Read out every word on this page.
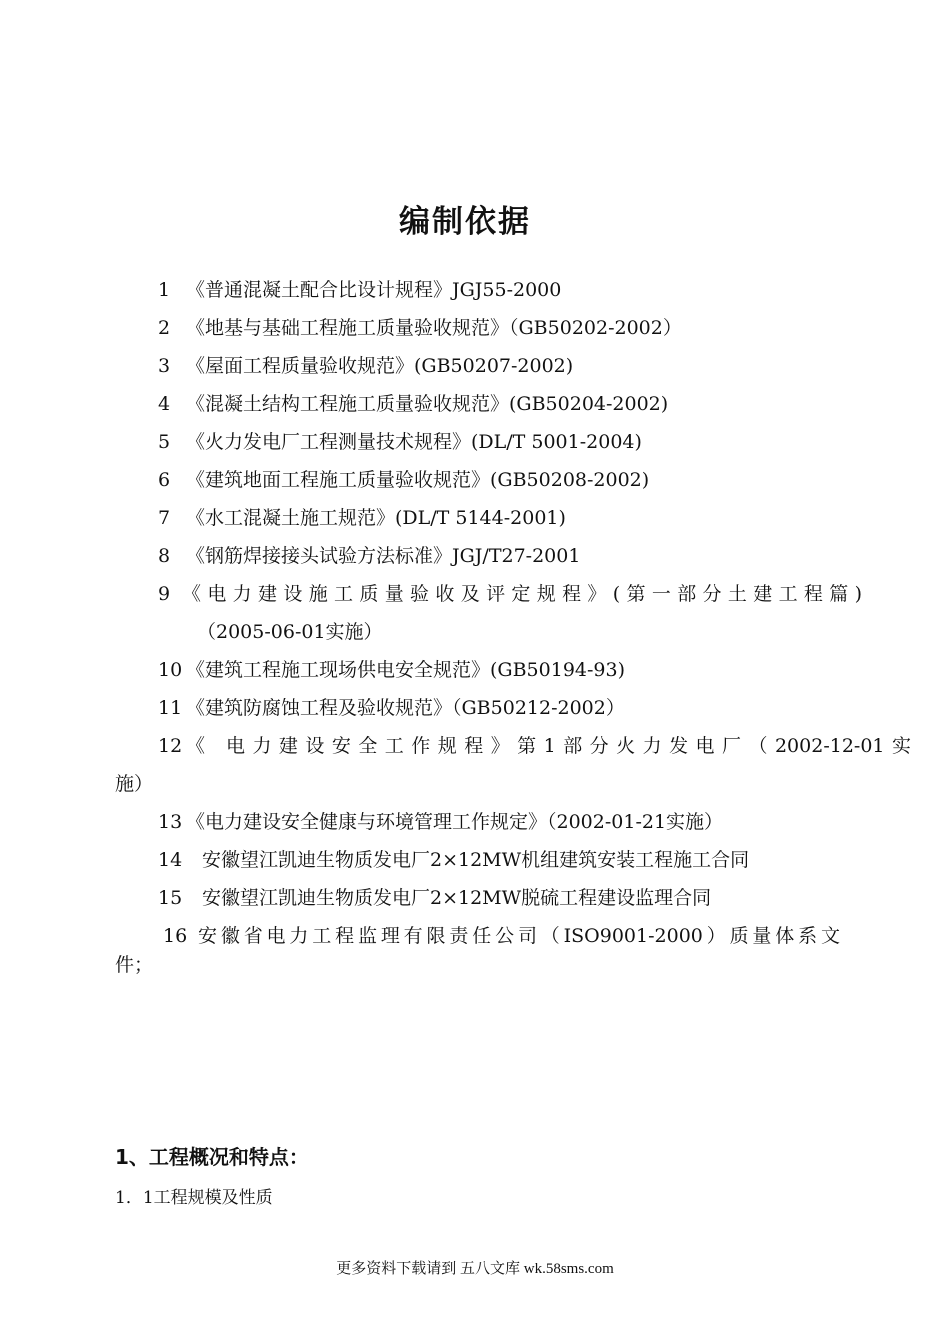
编制依据
1 《普通混凝土配合比设计规程》JGJ55-2000
2 《地基与基础工程施工质量验收规范》（GB50202-2002）
3 《屋面工程质量验收规范》(GB50207-2002)
4 《混凝土结构工程施工质量验收规范》(GB50204-2002)
5 《火力发电厂工程测量技术规程》(DL/T 5001-2004)
6 《建筑地面工程施工质量验收规范》(GB50208-2002)
7 《水工混凝土施工规范》(DL/T 5144-2001)
8 《钢筋焊接接头试验方法标准》JGJ/T27-2001
9 《电力建设施工质量验收及评定规程》(第一部分土建工程篇)
（2005-06-01实施）
10 《建筑工程施工现场供电安全规范》(GB50194-93)
11 《建筑防腐蚀工程及验收规范》（GB50212-2002）
12 《 电力建设安全工作规程》第1部分火力发电厂（2002-12-01实
施）
13 《电力建设安全健康与环境管理工作规定》（2002-01-21实施）
14 安徽望江凯迪生物质发电厂2×12MW机组建筑安装工程施工合同
15 安徽望江凯迪生物质发电厂2×12MW脱硫工程建设监理合同
16 安徽省电力工程监理有限责任公司（ISO9001-2000）质量体系文
件；
1、工程概况和特点：
1．1工程规模及性质
更多资料下载请到 五八文库 wk.58sms.com
